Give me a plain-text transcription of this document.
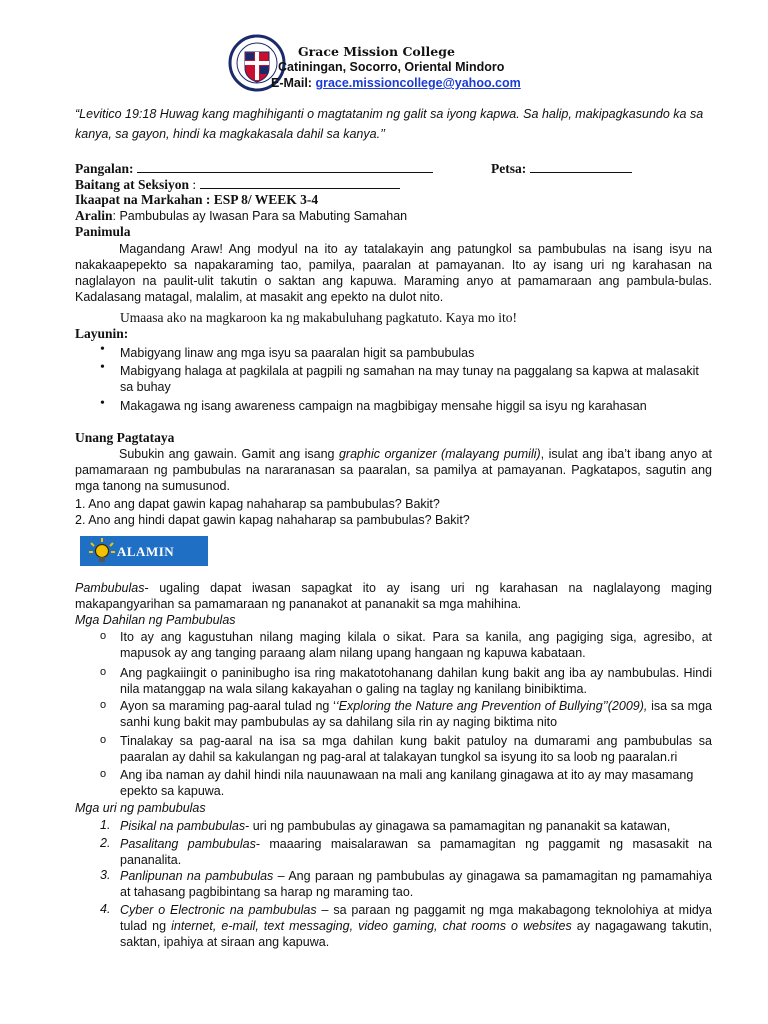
Grace Mission College
Catiningan, Socorro, Oriental Mindoro
E-Mail: grace.missioncollege@yahoo.com
“Levitico 19:18 Huwag kang maghihiganti o magtatanim ng galit sa iyong kapwa. Sa halip, makipagkasundo ka sa kanya, sa gayon, hindi ka magkakasala dahil sa kanya.’’
Pangalan:	Petsa:
Baitang at Seksiyon :
Ikaapat na Markahan : ESP 8/ WEEK 3-4
Aralin: Pambubulas ay Iwasan Para sa Mabuting Samahan
Panimula
Magandang Araw! Ang modyul na ito ay tatalakayin ang patungkol sa pambubulas na isang isyu na nakakaapepekto sa napakaraming tao, pamilya, paaralan at pamayanan. Ito ay isang uri ng karahasan na naglalayon na paulit-ulit takutin o saktan ang kapuwa. Maraming anyo at pamamaraan ang pambula-bulas. Kadalasang matagal, malalim, at masakit ang epekto na dulot nito.
Umaasa ako na magkaroon ka ng makabuluhang pagkatuto. Kaya mo ito!
Layunin:
• Mabigyang linaw ang mga isyu sa paaralan higit sa pambubulas
• Mabigyang halaga at pagkilala at pagpili ng samahan na may tunay na paggalang sa kapwa at malasakit sa buhay
• Makagawa ng isang awareness campaign na magbibigay mensahe higgil sa isyu ng karahasan
Unang Pagtataya
Subukin ang gawain. Gamit ang isang graphic organizer (malayang pumili), isulat ang iba’t ibang anyo at pamamaraan ng pambubulas na nararanasan sa paaralan, sa pamilya at pamayanan. Pagkatapos, sagutin ang mga tanong na sumusunod.
1. Ano ang dapat gawin kapag nahaharap sa pambubulas? Bakit?
2. Ano ang hindi dapat gawin kapag nahaharap sa pambubulas? Bakit?
ALAMIN
Pambubulas- ugaling dapat iwasan sapagkat ito ay isang uri ng karahasan na naglalayong maging makapangyarihan sa pamamaraan ng pananakot at pananakit sa mga mahihina.
Mga Dahilan ng Pambubulas
o Ito ay ang kagustuhan nilang maging kilala o sikat. Para sa kanila, ang pagiging siga, agresibo, at mapusok ay ang tanging paraang alam nilang upang hangaan ng kapuwa kabataan.
o Ang pagkaiingit o paninibugho isa ring makatotohanang dahilan kung bakit ang iba ay nambubulas. Hindi nila matanggap na wala silang kakayahan o galing na taglay ng kanilang binibiktima.
o Ayon sa maraming pag-aaral tulad ng ‘‘Exploring the Nature ang Prevention of Bullying’’(2009), isa sa mga sanhi kung bakit may pambubulas ay sa dahilang sila rin ay naging biktima nito
o Tinalakay sa pag-aaral na isa sa mga dahilan kung bakit patuloy na dumarami ang pambubulas sa paaralan ay dahil sa kakulangan ng pag-aral at talakayan tungkol sa isyung ito sa loob ng paaralan.ri
o Ang iba naman ay dahil hindi nila nauunawaan na mali ang kanilang ginagawa at ito ay may masamang epekto sa kapuwa.
Mga uri ng pambubulas
1. Pisikal na pambubulas- uri ng pambubulas ay ginagawa sa pamamagitan ng pananakit sa katawan,
2. Pasalitang pambubulas- maaaring maisalarawan sa pamamagitan ng paggamit ng masasakit na pananalita.
3. Panlipunan na pambubulas – Ang paraan ng pambubulas ay ginagawa sa pamamagitan ng pamamahiya at tahasang pagbibintang sa harap ng maraming tao.
4. Cyber o Electronic na pambubulas – sa paraan ng paggamit ng mga makabagong teknolohiya at midya tulad ng internet, e-mail, text messaging, video gaming, chat rooms o websites ay nagagawang takutin, saktan, ipahiya at siraan ang kapuwa.
